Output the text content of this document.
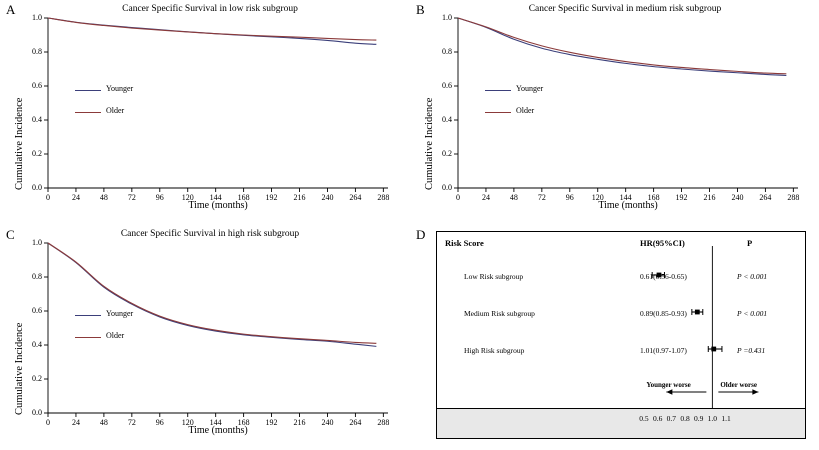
A	Cancer Specific Survival in low risk subgroup
Cumulative Incidence
Younger
Older
Time (months)
0.0
0.2
0.4
0.6
0.8
1.0
0	24	48	72	96	120	144	168	192	216	240	264	288
B	Cancer Specific Survival in medium risk subgroup
Cumulative Incidence
Younger
Older
Time (months)
0.0
0.2
0.4
0.6
0.8
1.0
0	24	48	72	96	120	144	168	192	216	240	264	288
C	Cancer Specific Survival in high risk subgroup
Cumulative Incidence
Younger
Older
Time (months)
0.0
0.2
0.4
0.6
0.8
1.0
0	24	48	72	96	120	144	168	192	216	240	264	288
D
Risk Score	HR(95%CI)	P
Low Risk subgroup	0.61(0.56-0.65)	P < 0.001
Medium Risk subgroup	0.89(0.85-0.93)	P < 0.001
High Risk subgroup	1.01(0.97-1.07)	P =0.431
Younger worse	Older worse
0.5 0.6 0.7 0.8 0.9 1.0 1.1
